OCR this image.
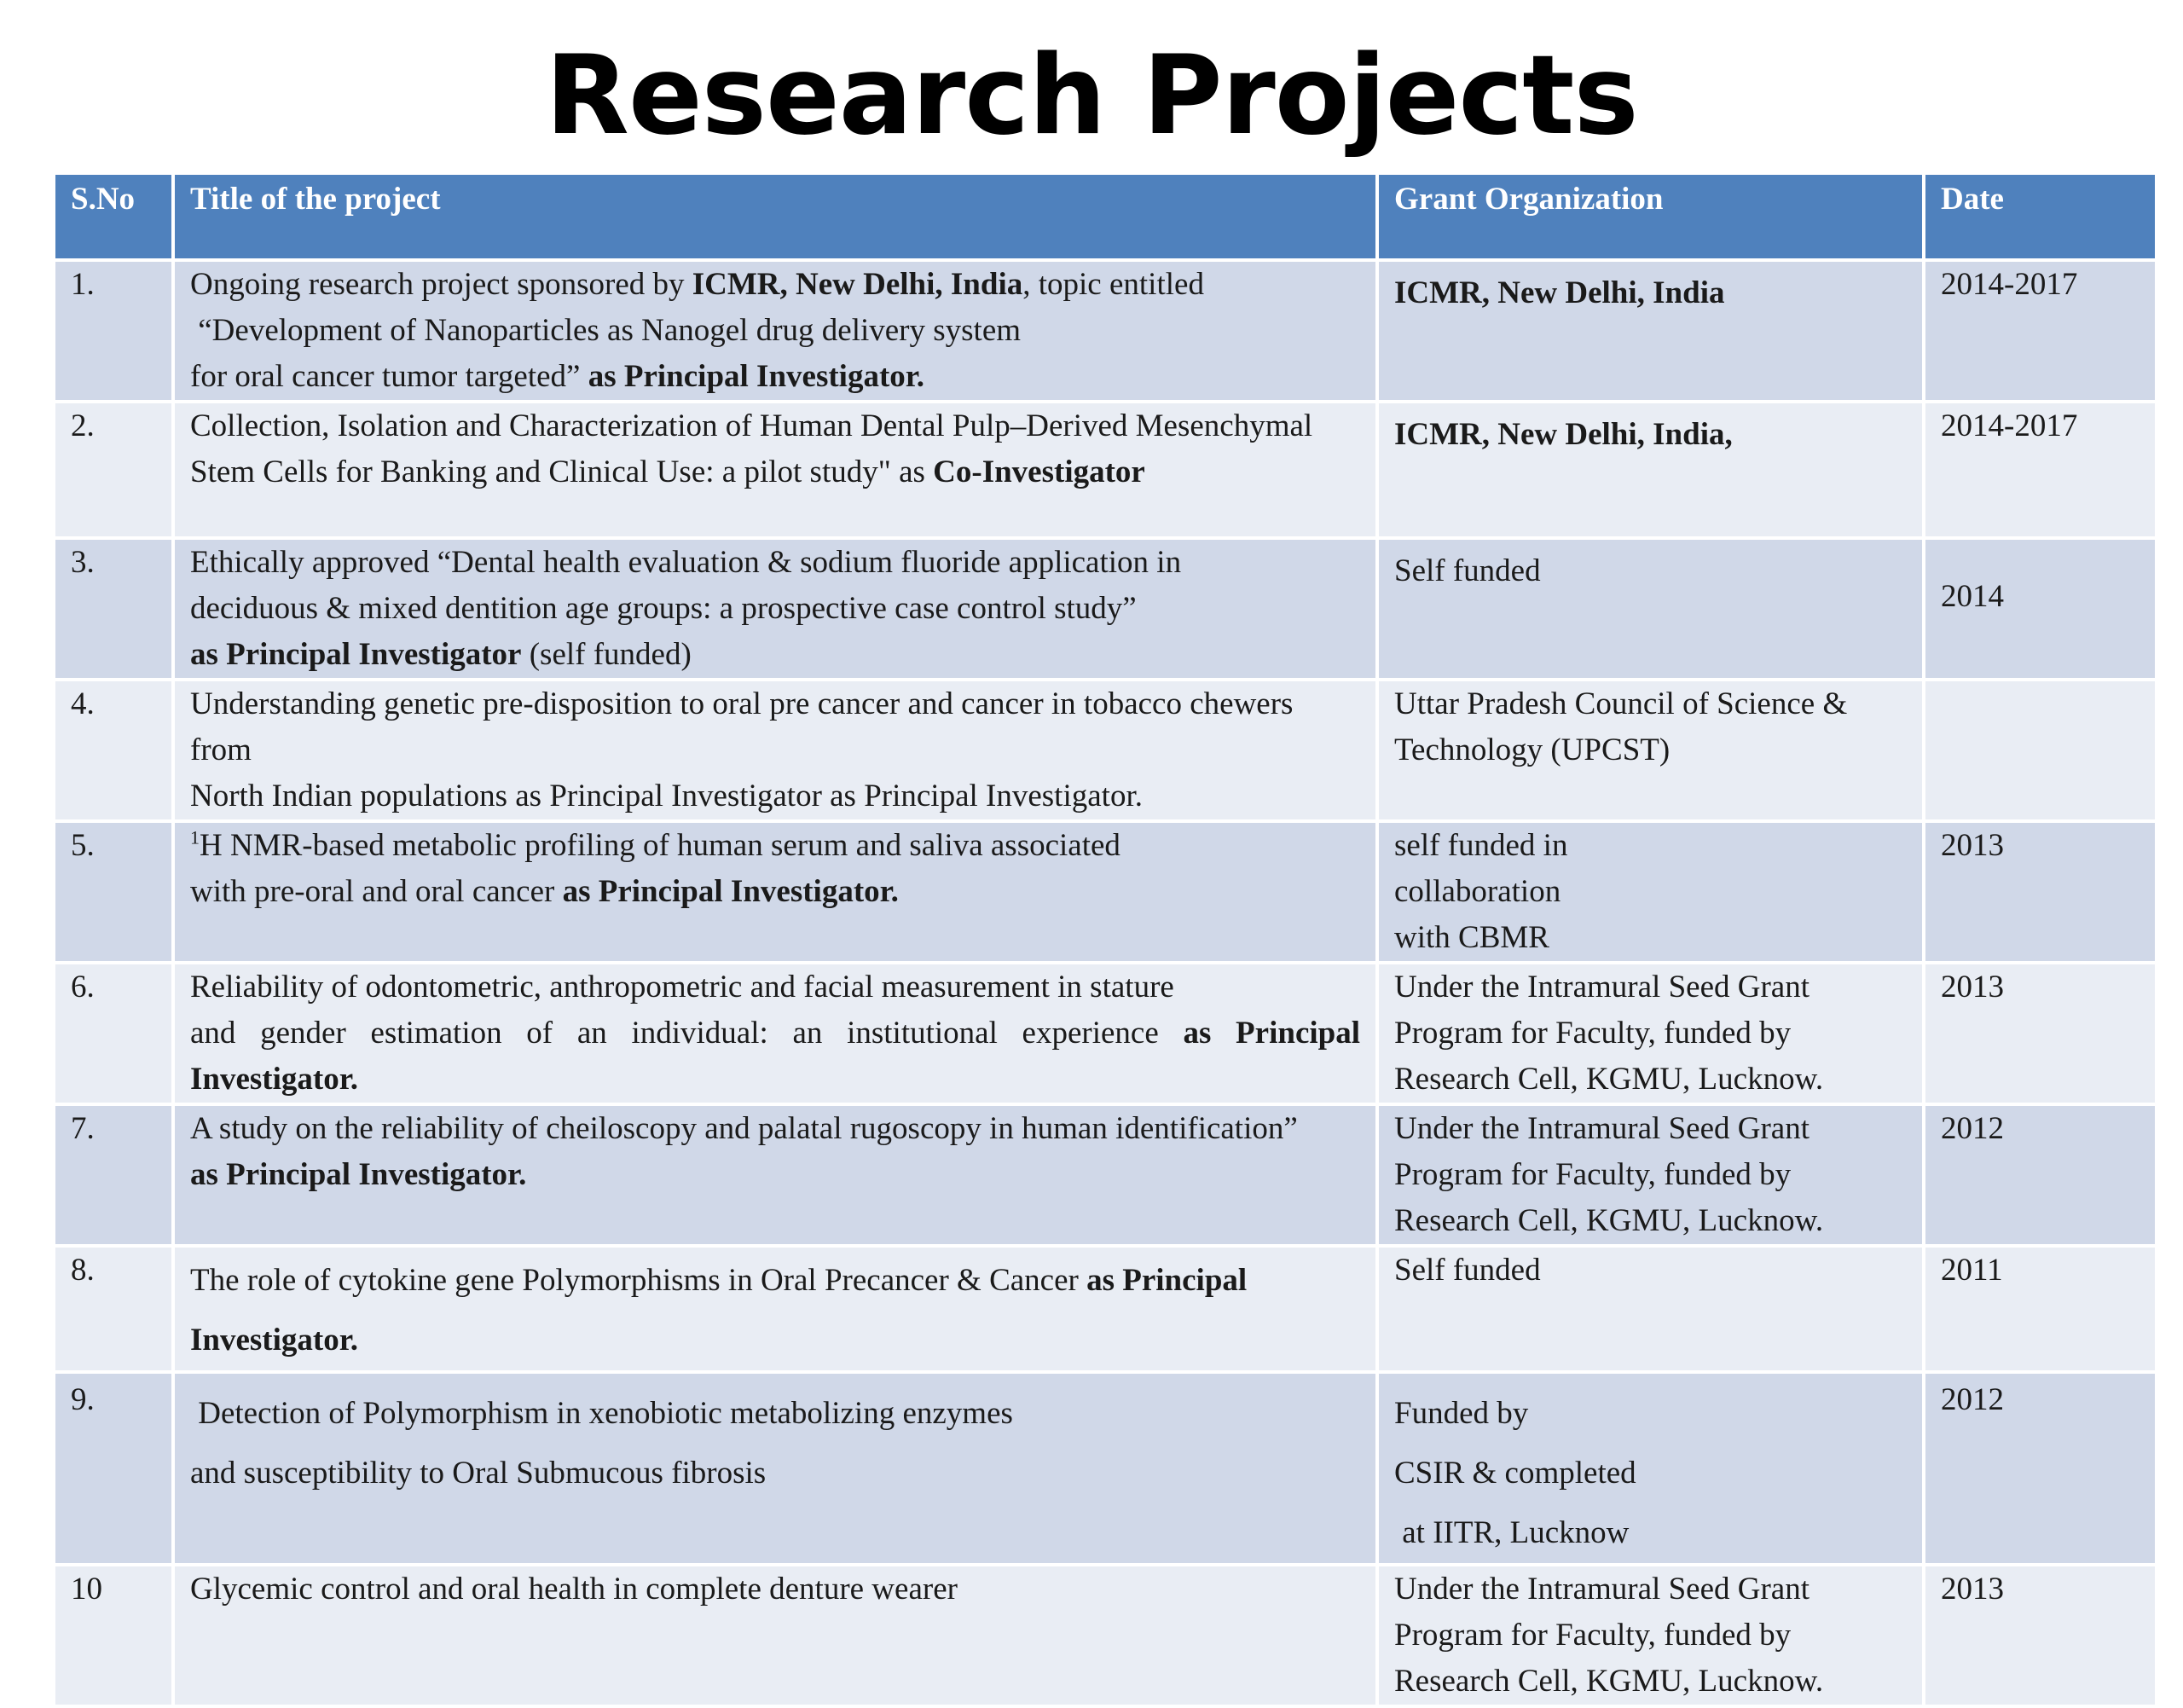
Research Projects
S.No	Title of the project	Grant Organization	Date
1.	Ongoing research project sponsored by ICMR, New Delhi, India, topic entitled
“Development of Nanoparticles as Nanogel drug delivery system
for oral cancer tumor targeted” as Principal Investigator.	ICMR, New Delhi, India	2014-2017
2.	Collection, Isolation and Characterization of Human Dental Pulp–Derived Mesenchymal Stem Cells for Banking and Clinical Use: a pilot study" as Co-Investigator	ICMR, New Delhi, India,	2014-2017
3.	Ethically approved “Dental health evaluation & sodium fluoride application in
deciduous & mixed dentition age groups: a prospective case control study”
as Principal Investigator (self funded)	Self funded	2014

4.	Understanding genetic pre-disposition to oral pre cancer and cancer in tobacco chewers from
North Indian populations as Principal Investigator as Principal Investigator.	Uttar Pradesh Council of Science &
Technology (UPCST)	

5.	$^1$H NMR-based metabolic profiling of human serum and saliva associated
with pre-oral and oral cancer as Principal Investigator.	self funded in
collaboration
with CBMR	2013
6.	Reliability of odontometric, anthropometric and facial measurement in stature
and gender estimation of an individual: an institutional experience as Principal Investigator.	Under the Intramural Seed Grant
Program for Faculty, funded by
Research Cell, KGMU, Lucknow.	2013
7.	A study on the reliability of cheiloscopy and palatal rugoscopy in human identification”
as Principal Investigator.	Under the Intramural Seed Grant
Program for Faculty, funded by
Research Cell, KGMU, Lucknow.	2012
8.	The role of cytokine gene Polymorphisms in Oral Precancer & Cancer as Principal Investigator.	Self funded	2011
9.	Detection of Polymorphism in xenobiotic metabolizing enzymes
and susceptibility to Oral Submucous fibrosis	Funded by
CSIR & completed
at IITR, Lucknow	2012
10	Glycemic control and oral health in complete denture wearer	Under the Intramural Seed Grant
Program for Faculty, funded by
Research Cell, KGMU, Lucknow.	2013
